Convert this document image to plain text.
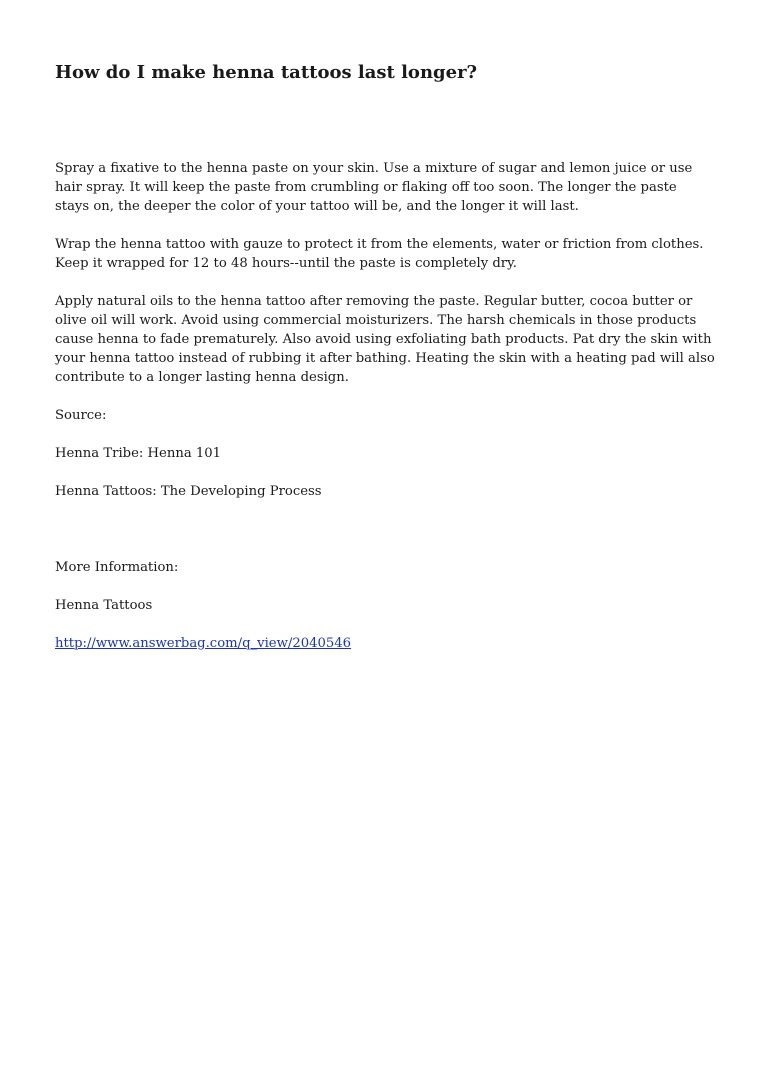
How do I make henna tattoos last longer?

Spray a fixative to the henna paste on your skin. Use a mixture of sugar and lemon juice or use hair spray. It will keep the paste from crumbling or flaking off too soon. The longer the paste stays on, the deeper the color of your tattoo will be, and the longer it will last.

Wrap the henna tattoo with gauze to protect it from the elements, water or friction from clothes. Keep it wrapped for 12 to 48 hours--until the paste is completely dry.

Apply natural oils to the henna tattoo after removing the paste. Regular butter, cocoa butter or olive oil will work. Avoid using commercial moisturizers. The harsh chemicals in those products cause henna to fade prematurely. Also avoid using exfoliating bath products. Pat dry the skin with your henna tattoo instead of rubbing it after bathing. Heating the skin with a heating pad will also contribute to a longer lasting henna design.

Source:

Henna Tribe: Henna 101

Henna Tattoos: The Developing Process

More Information:

Henna Tattoos

http://www.answerbag.com/q_view/2040546
